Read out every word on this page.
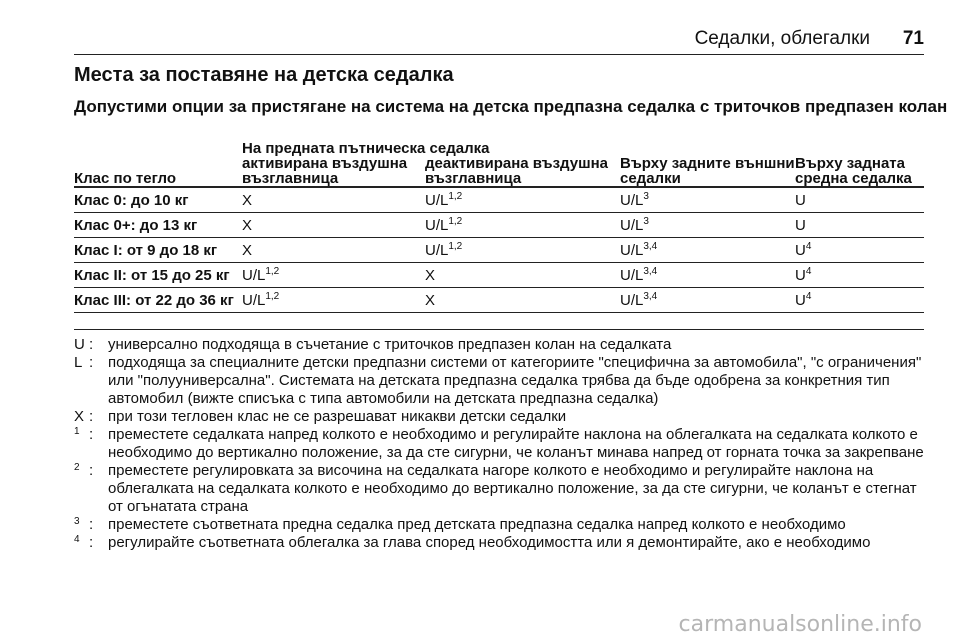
Седалки, облегалки 71
Места за поставяне на детска седалка
Допустими опции за пристягане на система на детска предпазна седалка с триточков предпазен колан
	На предната пътническа седалка			
Клас по тегло	активирана въздушна възглавница	деактивирана въздушна възглавница	Върху задните външни седалки	Върху задната средна седалка
Клас 0: до 10 кг	X	$U/L^{1,2}$	$U/L^3$	U
Клас 0+: до 13 кг	X	$U/L^{1,2}$	$U/L^3$	U
Клас I: от 9 до 18 кг	X	$U/L^{1,2}$	$U/L^{3,4}$	$U^4$
Клас II: от 15 до 25 кг	$U/L^{1,2}$	X	$U/L^{3,4}$	$U^4$
Клас III: от 22 до 36 кг	$U/L^{1,2}$	X	$U/L^{3,4}$	$U^4$
U : универсално подходяща в съчетание с триточков предпазен колан на седалката
L : подходяща за специалните детски предпазни системи от категориите "специфична за автомобила", "с ограничения" или "полууниверсална". Системата на детската предпазна седалка трябва да бъде одобрена за конкретния тип автомобил (вижте списъка с типа автомобили на детската предпазна седалка)
X : при този тегловен клас не се разрешават никакви детски седалки
$^1$ : преместете седалката напред колкото е необходимо и регулирайте наклона на облегалката на седалката колкото е необходимо до вертикално положение, за да сте сигурни, че коланът минава напред от горната точка за закрепване
$^2$ : преместете регулировката за височина на седалката нагоре колкото е необходимо и регулирайте наклона на облегалката на седалката колкото е необходимо до вертикално положение, за да сте сигурни, че коланът е стегнат от огънатата страна
$^3$ : преместете съответната предна седалка пред детската предпазна седалка напред колкото е необходимо
$^4$ : регулирайте съответната облегалка за глава според необходимостта или я демонтирайте, ако е необходимо
carmanualsonline.info
